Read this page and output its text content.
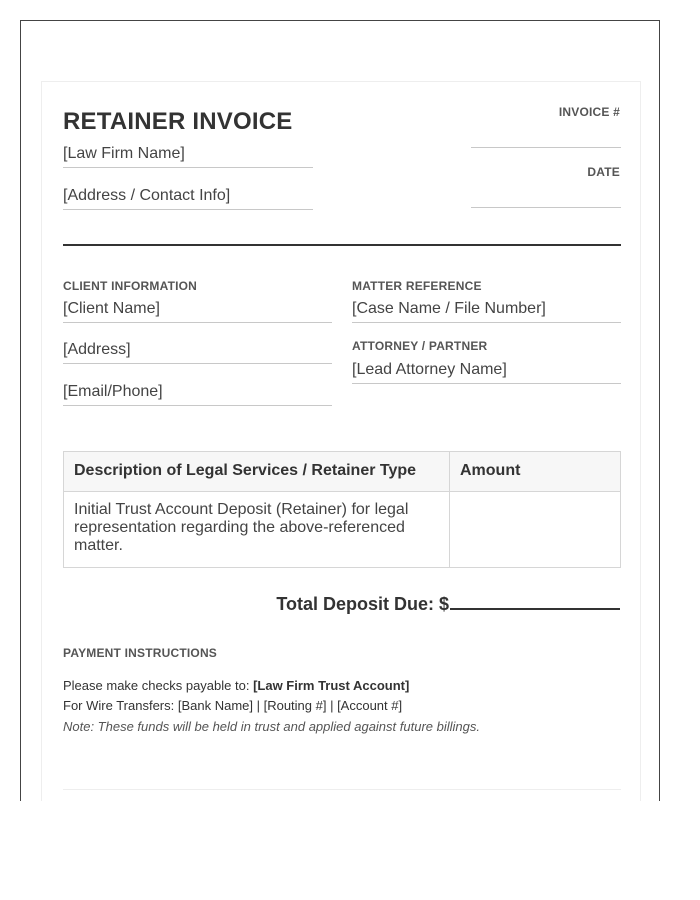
RETAINER INVOICE
[Law Firm Name]
[Address / Contact Info]
INVOICE #
DATE
CLIENT INFORMATION
[Client Name]
[Address]
[Email/Phone]
MATTER REFERENCE
[Case Name / File Number]
ATTORNEY / PARTNER
[Lead Attorney Name]
Description of Legal Services / Retainer Type	Amount
Initial Trust Account Deposit (Retainer) for legal representation regarding the above-referenced matter.	
Total Deposit Due: $
PAYMENT INSTRUCTIONS
Please make checks payable to: [Law Firm Trust Account]
For Wire Transfers: [Bank Name] | [Routing #] | [Account #]
Note: These funds will be held in trust and applied against future billings.
